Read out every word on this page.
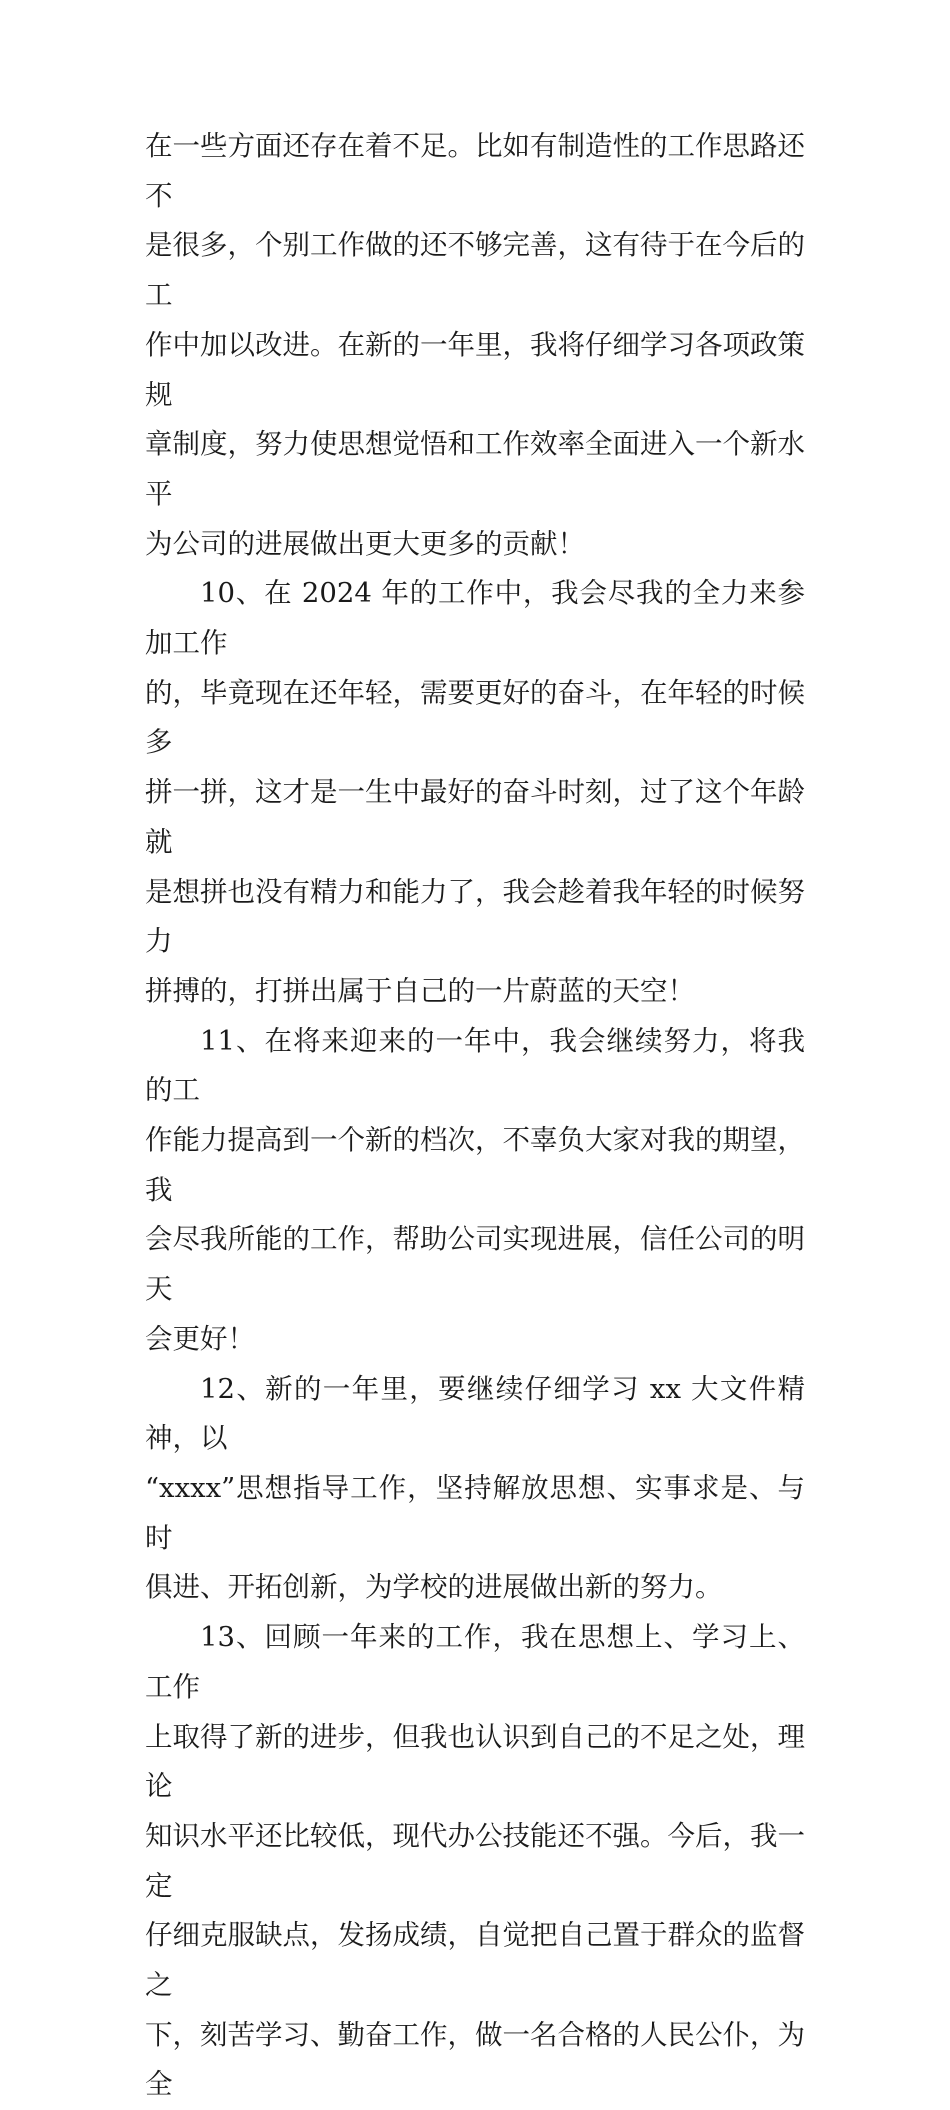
在一些方面还存在着不足。比如有制造性的工作思路还不
是很多，个别工作做的还不够完善，这有待于在今后的工
作中加以改进。在新的一年里，我将仔细学习各项政策规
章制度，努力使思想觉悟和工作效率全面进入一个新水平
为公司的进展做出更大更多的贡献！

10、在 2024 年的工作中，我会尽我的全力来参加工作
的，毕竟现在还年轻，需要更好的奋斗，在年轻的时候多
拼一拼，这才是一生中最好的奋斗时刻，过了这个年龄就
是想拼也没有精力和能力了，我会趁着我年轻的时候努力
拼搏的，打拼出属于自己的一片蔚蓝的天空！

11、在将来迎来的一年中，我会继续努力，将我的工
作能力提高到一个新的档次，不辜负大家对我的期望，我
会尽我所能的工作，帮助公司实现进展，信任公司的明天
会更好！

12、新的一年里，要继续仔细学习 xx 大文件精神，以
“xxxx”思想指导工作，坚持解放思想、实事求是、与时
俱进、开拓创新，为学校的进展做出新的努力。

13、回顾一年来的工作，我在思想上、学习上、工作
上取得了新的进步，但我也认识到自己的不足之处，理论
知识水平还比较低，现代办公技能还不强。今后，我一定
仔细克服缺点，发扬成绩，自觉把自己置于群众的监督之
下，刻苦学习、勤奋工作，做一名合格的人民公仆，为全
